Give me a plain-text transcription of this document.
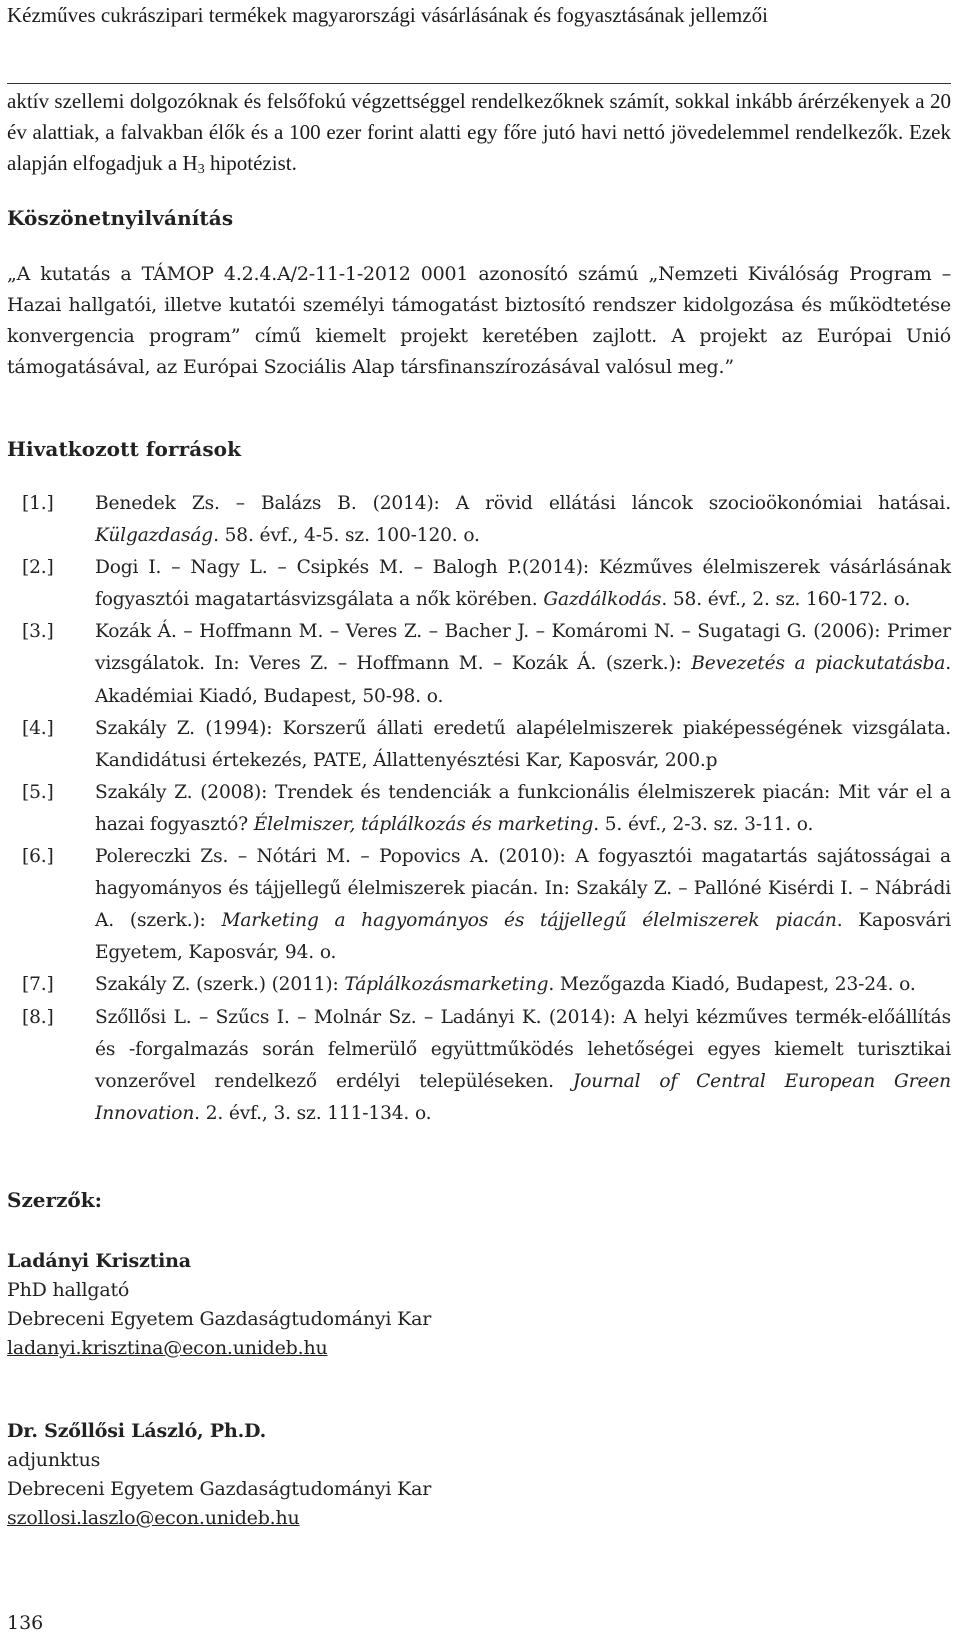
Kézműves cukrászipari termékek magyarországi vásárlásának és fogyasztásának jellemzői
aktív szellemi dolgozóknak és felsőfokú végzettséggel rendelkezőknek számít, sokkal inkább árérzékenyek a 20 év alattiak, a falvakban élők és a 100 ezer forint alatti egy főre jutó havi nettó jövedelemmel rendelkezők. Ezek alapján elfogadjuk a $H_3$ hipotézist.
Köszönetnyilvánítás
„A kutatás a TÁMOP 4.2.4.A/2-11-1-2012 0001 azonosító számú „Nemzeti Kiválóság Program – Hazai hallgatói, illetve kutatói személyi támogatást biztosító rendszer kidolgozása és működtetése konvergencia program” című kiemelt projekt keretében zajlott. A projekt az Európai Unió támogatásával, az Európai Szociális Alap társfinanszírozásával valósul meg.”
Hivatkozott források
[1.]	Benedek Zs. – Balázs B. (2014): A rövid ellátási láncok szocioökonómiai hatásai. Külgazdaság. 58. évf., 4-5. sz. 100-120. o.
[2.]	Dogi I. – Nagy L. – Csipkés M. – Balogh P.(2014): Kézműves élelmiszerek vásárlásának fogyasztói magatartásvizsgálata a nők körében. Gazdálkodás. 58. évf., 2. sz. 160-172. o.
[3.]	Kozák Á. – Hoffmann M. – Veres Z. – Bacher J. – Komáromi N. – Sugatagi G. (2006): Primer vizsgálatok. In: Veres Z. – Hoffmann M. – Kozák Á. (szerk.): Bevezetés a piackutatásba. Akadémiai Kiadó, Budapest, 50-98. o.
[4.]	Szakály Z. (1994): Korszerű állati eredetű alapélelmiszerek piaképességének vizsgálata. Kandidátusi értekezés, PATE, Állattenyésztési Kar, Kaposvár, 200.p
[5.]	Szakály Z. (2008): Trendek és tendenciák a funkcionális élelmiszerek piacán: Mit vár el a hazai fogyasztó? Élelmiszer, táplálkozás és marketing. 5. évf., 2-3. sz. 3-11. o.
[6.]	Polereczki Zs. – Nótári M. – Popovics A. (2010): A fogyasztói magatartás sajátosságai a hagyományos és tájjellegű élelmiszerek piacán. In: Szakály Z. – Pallóné Kisérdi I. – Nábrádi A. (szerk.): Marketing a hagyományos és tájjellegű élelmiszerek piacán. Kaposvári Egyetem, Kaposvár, 94. o.
[7.]	Szakály Z. (szerk.) (2011): Táplálkozásmarketing. Mezőgazda Kiadó, Budapest, 23-24. o.
[8.]	Szőllősi L. – Szűcs I. – Molnár Sz. – Ladányi K. (2014): A helyi kézműves termék-előállítás és -forgalmazás során felmerülő együttműködés lehetőségei egyes kiemelt turisztikai vonzerővel rendelkező erdélyi településeken. Journal of Central European Green Innovation. 2. évf., 3. sz. 111-134. o.
Szerzők:
Ladányi Krisztina
PhD hallgató
Debreceni Egyetem Gazdaságtudományi Kar
ladanyi.krisztina@econ.unideb.hu
Dr. Szőllősi László, Ph.D.
adjunktus
Debreceni Egyetem Gazdaságtudományi Kar
szollosi.laszlo@econ.unideb.hu
136
